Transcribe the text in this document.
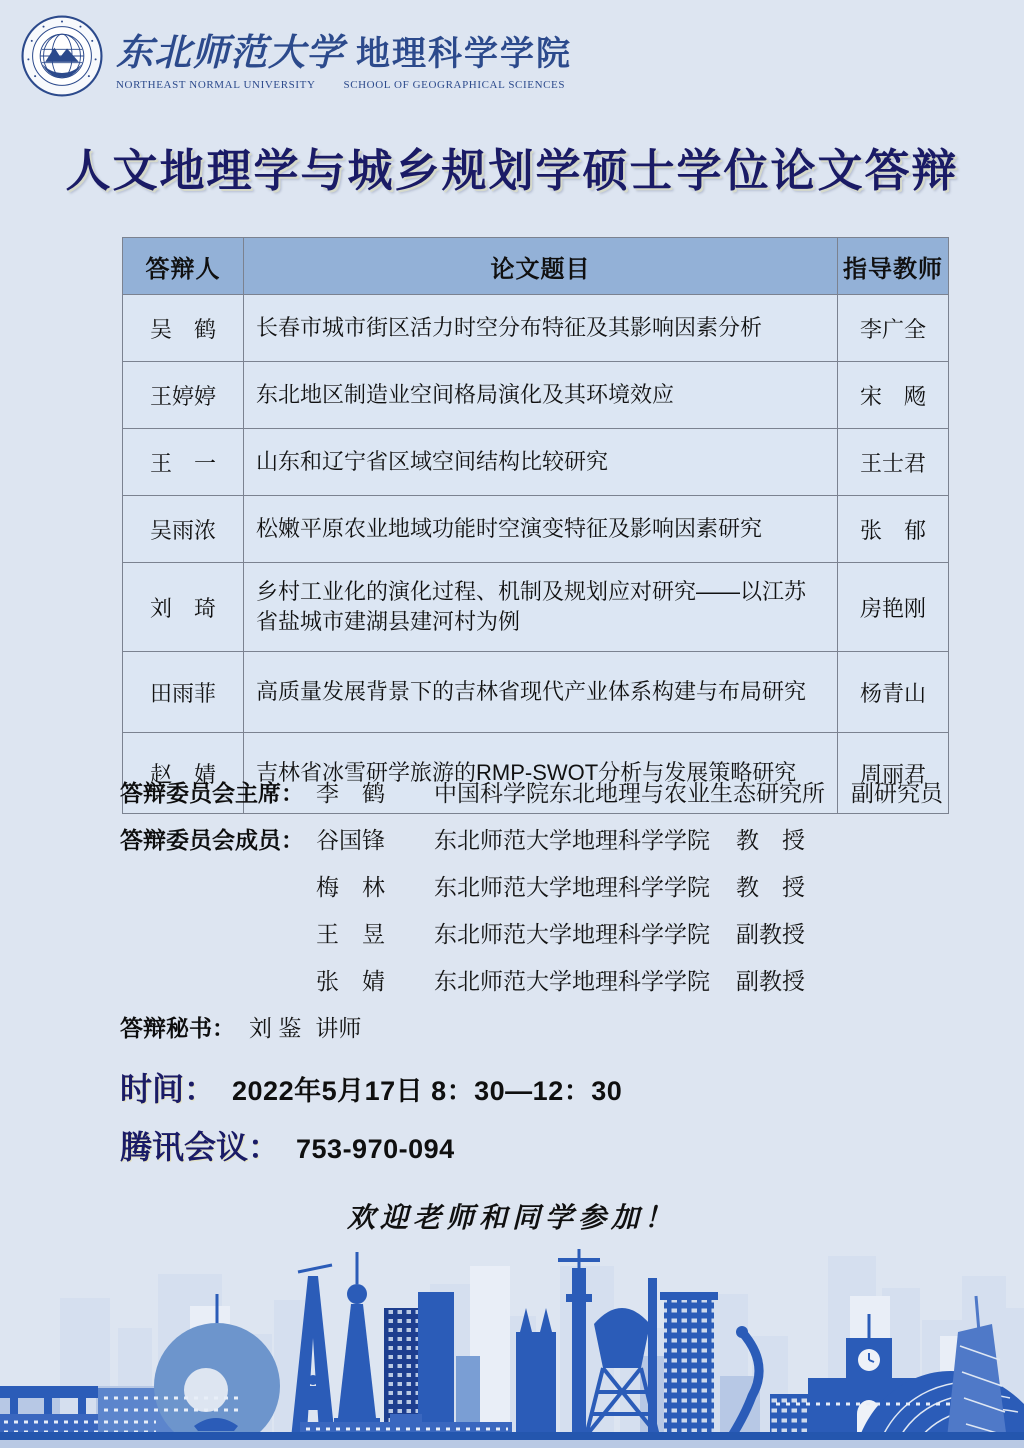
东北师范大学 地理科学学院
NORTHEAST NORMAL UNIVERSITY	SCHOOL OF GEOGRAPHICAL SCIENCES
人文地理学与城乡规划学硕士学位论文答辩
答辩人	论文题目	指导教师
吴　鹤	长春市城市街区活力时空分布特征及其影响因素分析	李广全
王婷婷	东北地区制造业空间格局演化及其环境效应	宋　飏
王　一	山东和辽宁省区域空间结构比较研究	王士君
吴雨浓	松嫩平原农业地域功能时空演变特征及影响因素研究	张　郁
刘　琦	乡村工业化的演化过程、机制及规划应对研究——以江苏省盐城市建湖县建河村为例	房艳刚
田雨菲	高质量发展背景下的吉林省现代产业体系构建与布局研究	杨青山
赵　婧	吉林省冰雪研学旅游的RMP-SWOT分析与发展策略研究	周丽君
答辩委员会主席： 李　鹤	中国科学院东北地理与农业生态研究所 副研究员
答辩委员会成员： 谷国锋	东北师范大学地理科学学院 教　授
梅　林	东北师范大学地理科学学院 教　授
王　昱	东北师范大学地理科学学院 副教授
张　婧	东北师范大学地理科学学院 副教授
答辩秘书： 刘 鉴 讲师
时间： 2022年5月17日 8：30—12：30
腾讯会议： 753-970-094
欢迎老师和同学参加！
